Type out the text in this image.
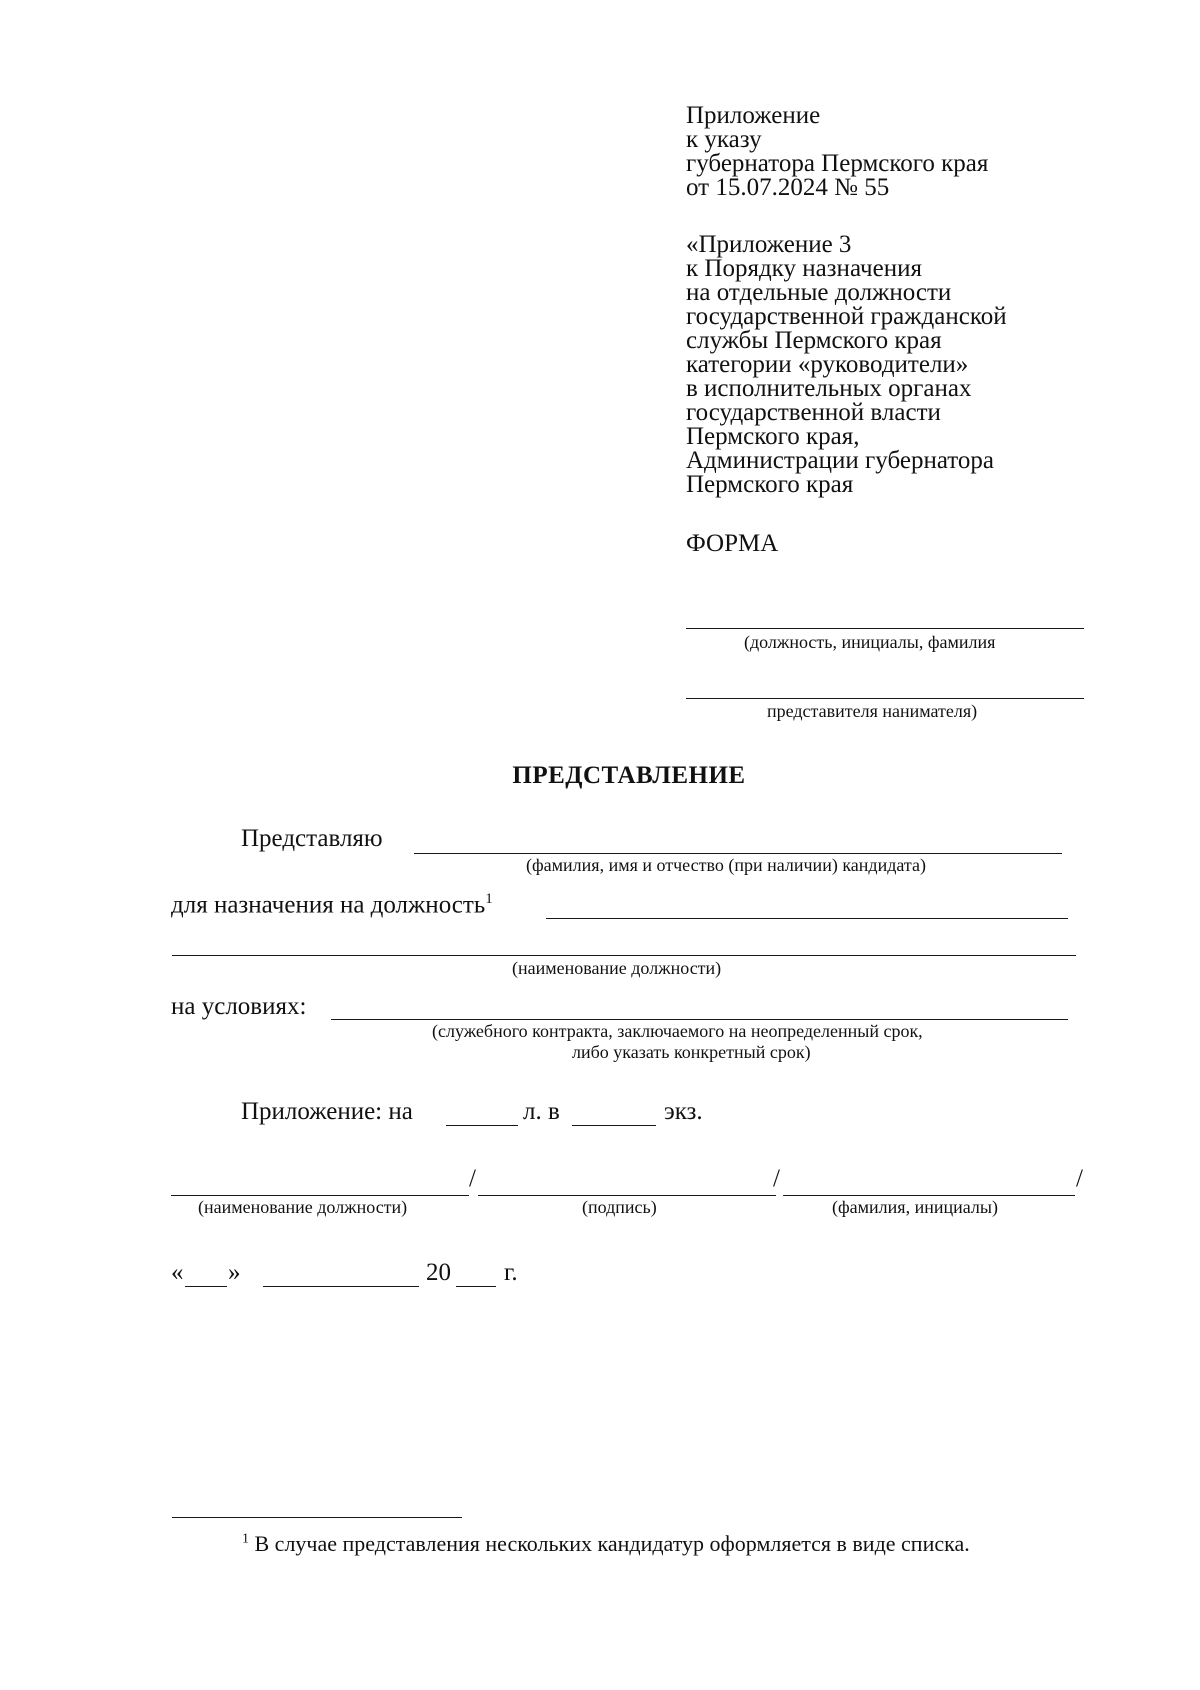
Приложение
к указу
губернатора Пермского края
от 15.07.2024 № 55
«Приложение 3
к Порядку назначения
на отдельные должности
государственной гражданской
службы Пермского края
категории «руководители»
в исполнительных органах
государственной власти
Пермского края,
Администрации губернатора
Пермского края
ФОРМА
(должность, инициалы, фамилия
представителя нанимателя)
ПРЕДСТАВЛЕНИЕ
Представляю
(фамилия, имя и отчество (при наличии) кандидата)
для назначения на должность$^1$
(наименование должности)
на условиях:
(служебного контракта, заключаемого на неопределенный срок,
либо указать конкретный срок)
Приложение: на	л. в	экз.
/	/	/
(наименование должности)	(подпись)	(фамилия, инициалы)
« »	20 г.
$^1$ В случае представления нескольких кандидатур оформляется в виде списка.
